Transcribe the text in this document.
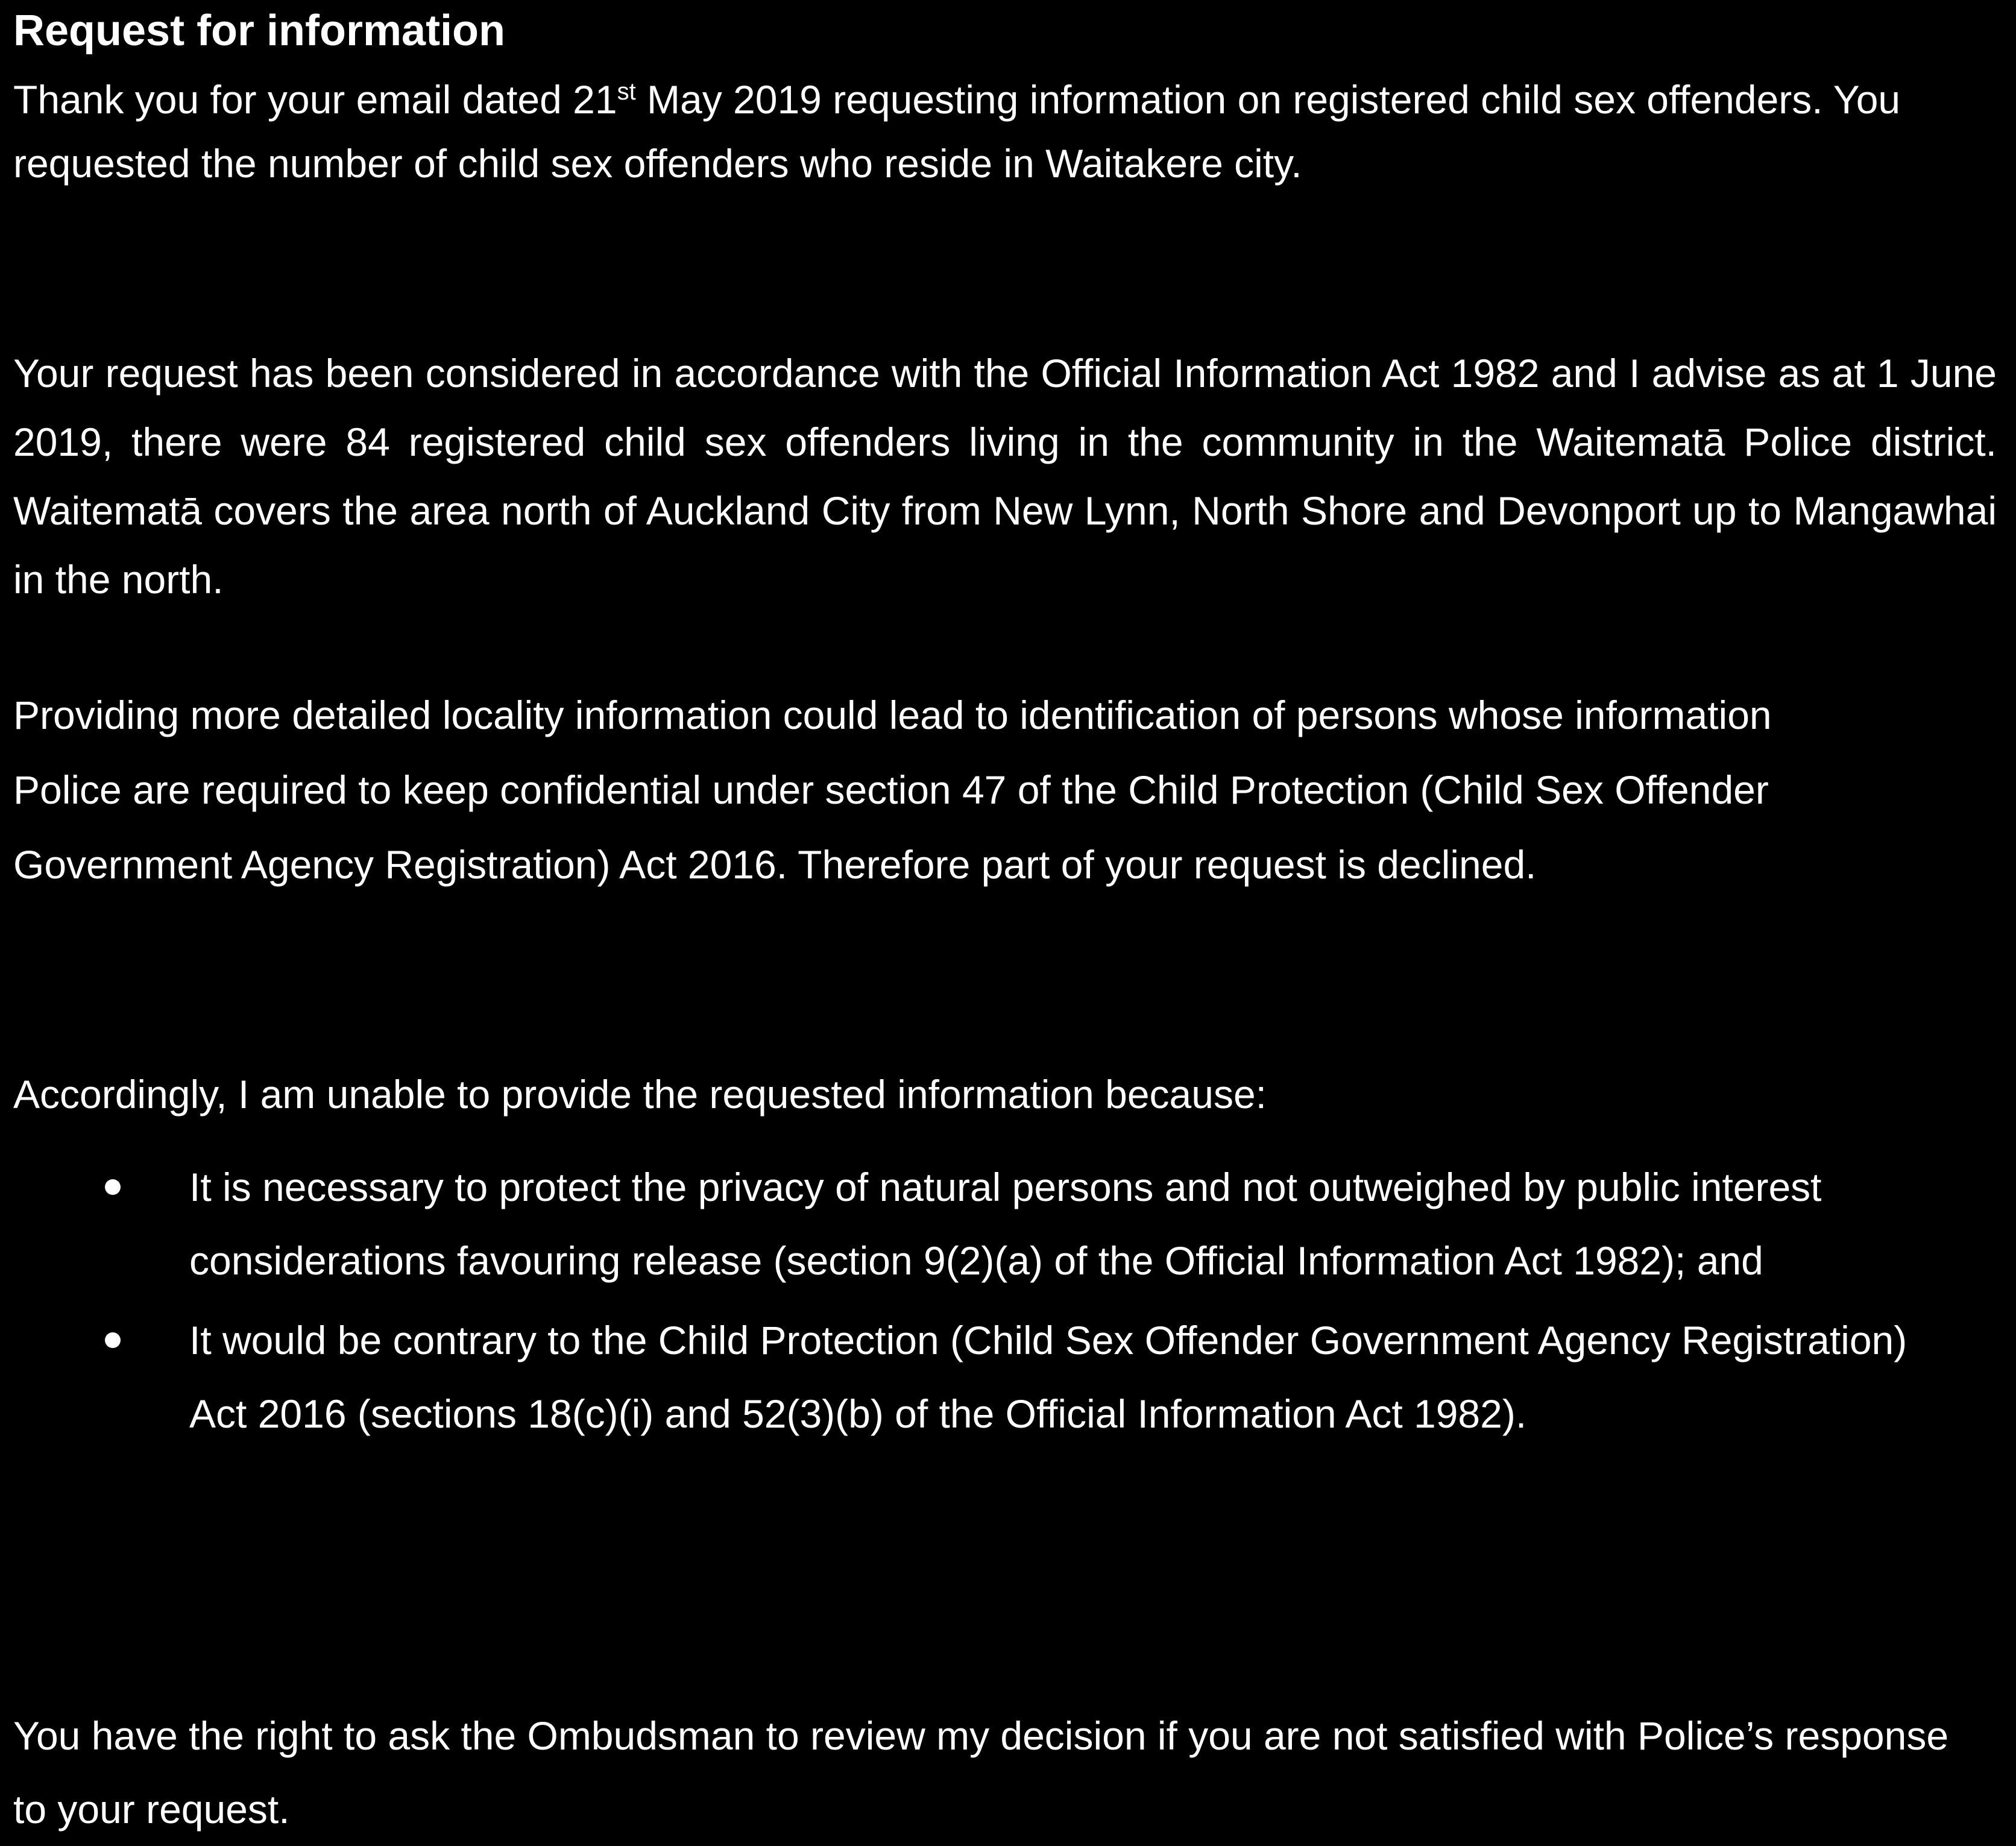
Request for information

Thank you for your email dated 21st May 2019 requesting information on registered child sex offenders. You requested the number of child sex offenders who reside in Waitakere city.

Your request has been considered in accordance with the Official Information Act 1982 and I advise as at 1 June 2019, there were 84 registered child sex offenders living in the community in the Waitematā Police district. Waitematā covers the area north of Auckland City from New Lynn, North Shore and Devonport up to Mangawhai in the north.

Providing more detailed locality information could lead to identification of persons whose information Police are required to keep confidential under section 47 of the Child Protection (Child Sex Offender Government Agency Registration) Act 2016. Therefore part of your request is declined.

Accordingly, I am unable to provide the requested information because:

It is necessary to protect the privacy of natural persons and not outweighed by public interest considerations favouring release (section 9(2)(a) of the Official Information Act 1982); and
It would be contrary to the Child Protection (Child Sex Offender Government Agency Registration) Act 2016 (sections 18(c)(i) and 52(3)(b) of the Official Information Act 1982).

You have the right to ask the Ombudsman to review my decision if you are not satisfied with Police’s response to your request.
